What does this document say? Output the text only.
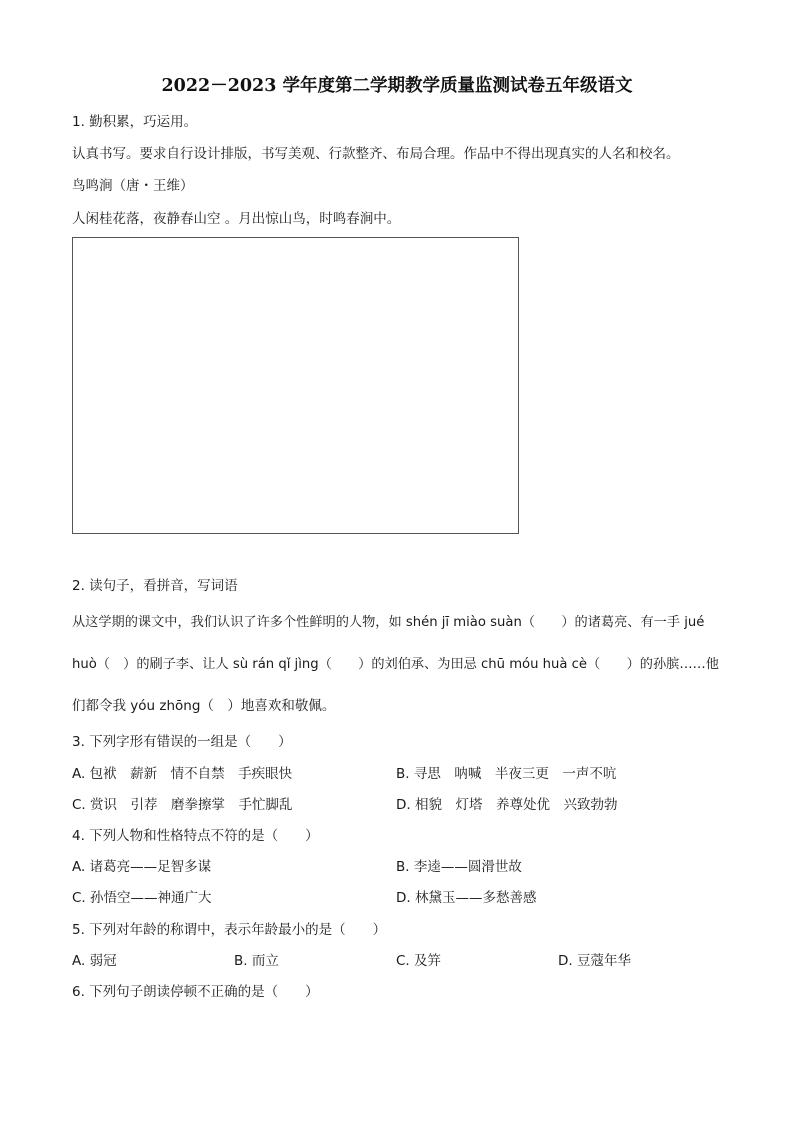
2022－2023 学年度第二学期教学质量监测试卷五年级语文
1. 勤积累，巧运用。
认真书写。要求自行设计排版，书写美观、行款整齐、布局合理。作品中不得出现真实的人名和校名。
鸟鸣涧（唐・王维）
人闲桂花落，夜静春山空 。月出惊山鸟，时鸣春涧中。
2. 读句子，看拼音，写词语
从这学期的课文中，我们认识了许多个性鲜明的人物，如 shén jī miào suàn（　　）的诸葛亮、有一手 jué
huò（　）的刷子李、让人 sù rán qǐ jìng（　　）的刘伯承、为田忌 chū móu huà cè（　　）的孙膑……他
们都令我 yóu zhōng（　）地喜欢和敬佩。
3. 下列字形有错误的一组是（　　）
A. 包袱　薪新　情不自禁　手疾眼快	B. 寻思　呐喊　半夜三更　一声不吭
C. 赏识　引荐　磨拳擦掌　手忙脚乱	D. 相貌　灯塔　养尊处优　兴致勃勃
4. 下列人物和性格特点不符的是（　　）
A. 诸葛亮——足智多谋	B. 李逵——圆滑世故
C. 孙悟空——神通广大	D. 林黛玉——多愁善感
5. 下列对年龄的称谓中，表示年龄最小的是（　　）
A. 弱冠	B. 而立	C. 及笄	D. 豆蔻年华
6. 下列句子朗读停顿不正确的是（　　）
